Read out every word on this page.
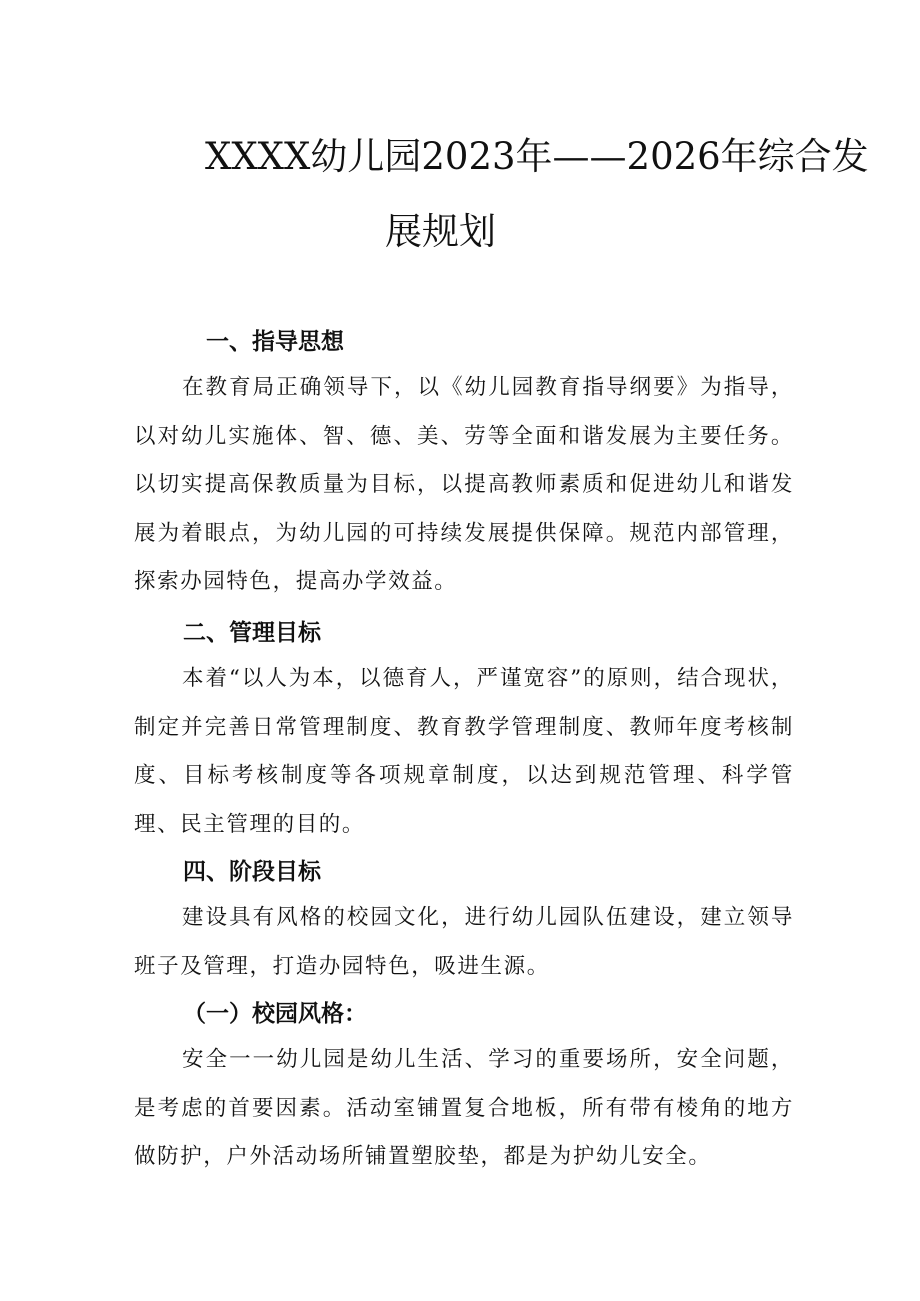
XXXX幼儿园2023年——2026年综合发
展规划
一、指导思想
在教育局正确领导下，以《幼儿园教育指导纲要》为指导，以对幼儿实施体、智、德、美、劳等全面和谐发展为主要任务。以切实提高保教质量为目标，以提高教师素质和促进幼儿和谐发展为着眼点，为幼儿园的可持续发展提供保障。规范内部管理，探索办园特色，提高办学效益。
二、管理目标
本着“以人为本，以德育人，严谨宽容”的原则，结合现状，制定并完善日常管理制度、教育教学管理制度、教师年度考核制度、目标考核制度等各项规章制度，以达到规范管理、科学管理、民主管理的目的。
四、阶段目标
建设具有风格的校园文化，进行幼儿园队伍建设，建立领导班子及管理，打造办园特色，吸进生源。
（一）校园风格：
安全一一幼儿园是幼儿生活、学习的重要场所，安全问题，是考虑的首要因素。活动室铺置复合地板，所有带有棱角的地方做防护，户外活动场所铺置塑胶垫，都是为护幼儿安全。
